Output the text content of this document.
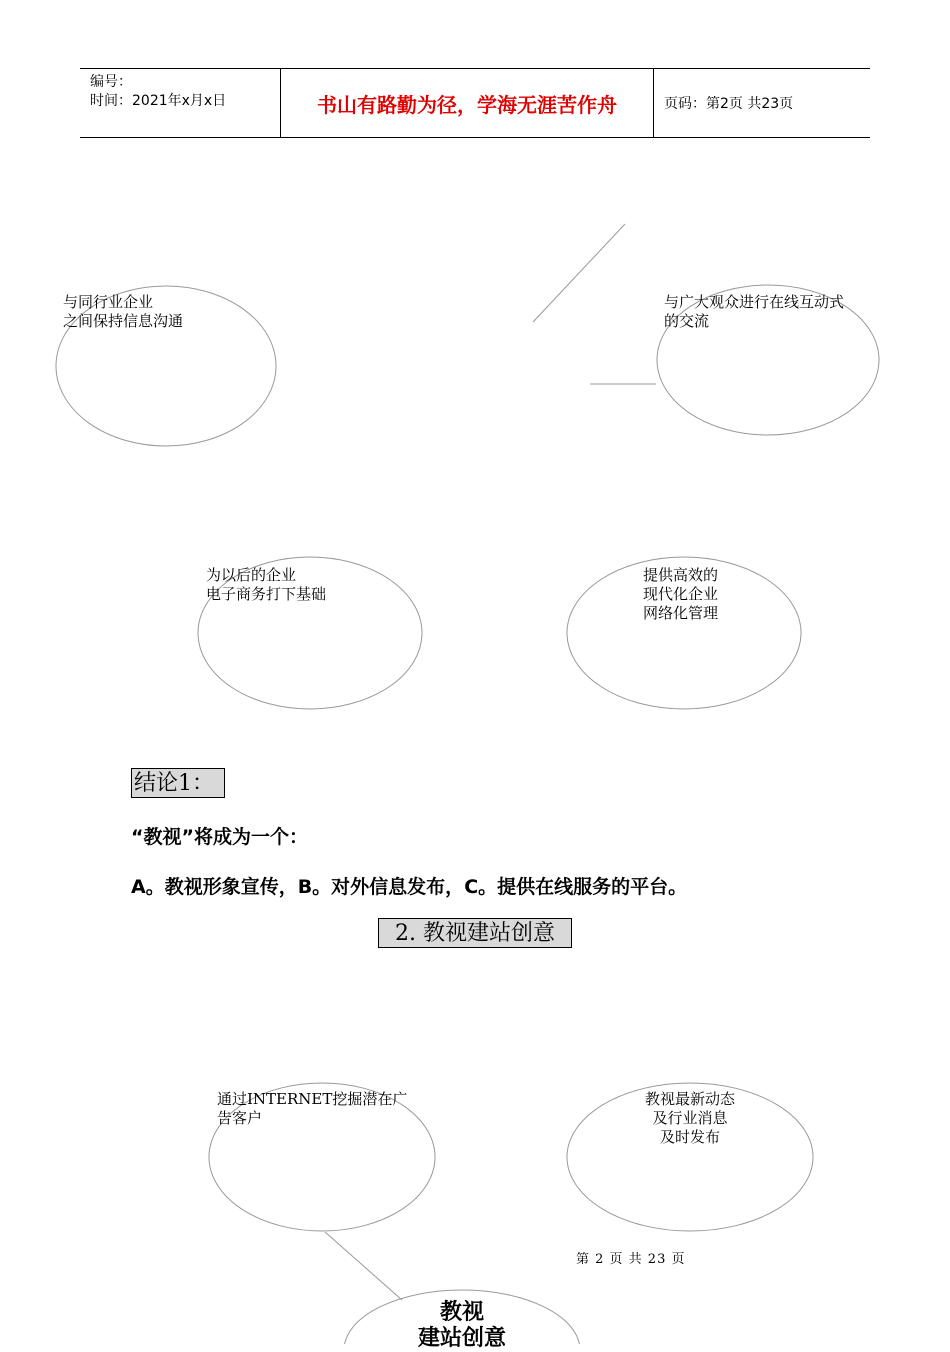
编号：
时间：2021年x月x日	书山有路勤为径，学海无涯苦作舟	页码：第2页 共23页
与同行业企业
之间保持信息沟通
与广大观众进行在线互动式
的交流
为以后的企业
电子商务打下基础
提供高效的
现代化企业
网络化管理
结论1：
“教视”将成为一个：
A。教视形象宣传，B。对外信息发布，C。提供在线服务的平台。
2. 教视建站创意
通过INTERNET挖掘潜在广
告客户
教视最新动态
及行业消息
及时发布
第 2 页 共 23 页
教视
建站创意
